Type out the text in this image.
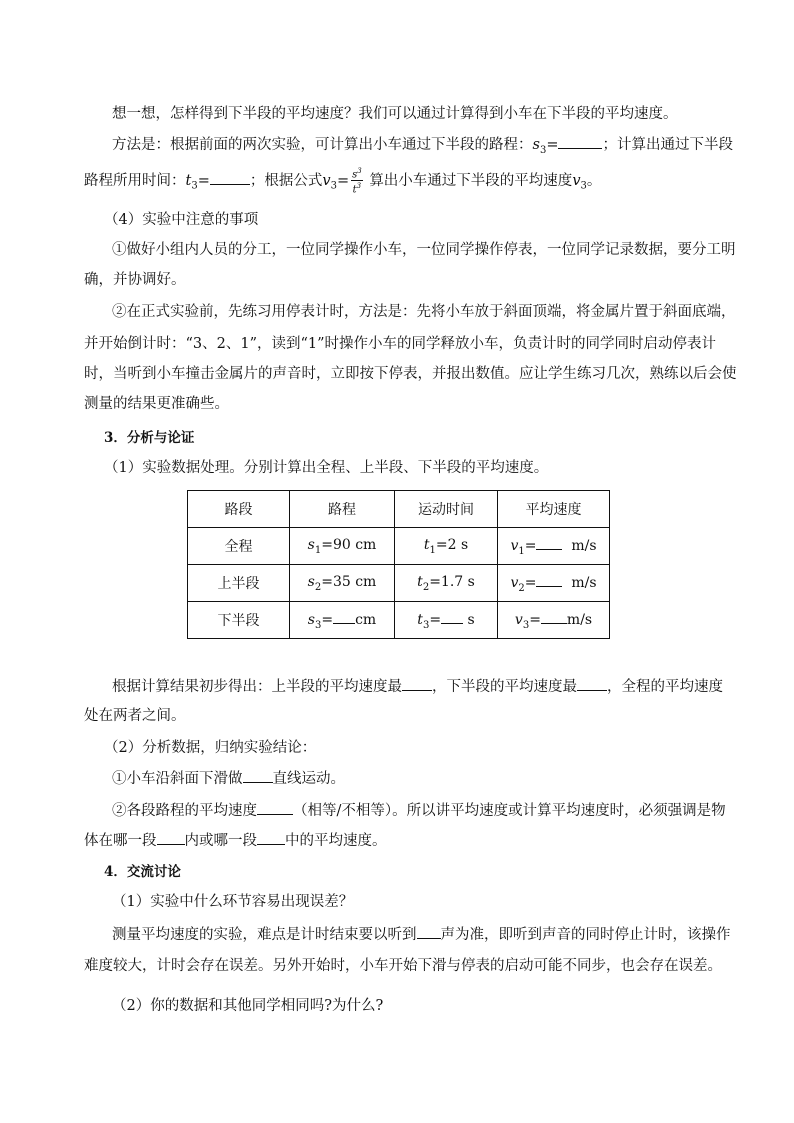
想一想，怎样得到下半段的平均速度？我们可以通过计算得到小车在下半段的平均速度。
方法是：根据前面的两次实验，可计算出小车通过下半段的路程：$s_3=$	；计算出通过下半段
路程所用时间：$t_3=$	；根据公式$v_3= \frac{s^3}{t^3}$ 算出小车通过下半段的平均速度$v_3$。
（4）实验中注意的事项
①做好小组内人员的分工，一位同学操作小车，一位同学操作停表，一位同学记录数据，要分工明
确，并协调好。
②在正式实验前，先练习用停表计时，方法是：先将小车放于斜面顶端，将金属片置于斜面底端，
并开始倒计时：“3、2、1”，读到“1”时操作小车的同学释放小车，负责计时的同学同时启动停表计
时，当听到小车撞击金属片的声音时，立即按下停表，并报出数值。应让学生练习几次，熟练以后会使
测量的结果更准确些。
3．分析与论证
（1）实验数据处理。分别计算出全程、上半段、下半段的平均速度。
路段	路程	运动时间	平均速度
全程	$s_1=90$ cm	$t_1=2$ s	$v_1= m/s$
上半段	$s_2=35$ cm	$t_2=1.7$ s	$v_2= m/s$
下半段	$s_3=$ cm	$t_3= s$	$v_3= m/s$
根据计算结果初步得出：上半段的平均速度最 ，下半段的平均速度最 ，全程的平均速度
处在两者之间。
（2）分析数据，归纳实验结论：
①小车沿斜面下滑做 直线运动。
②各段路程的平均速度 （相等/不相等）。所以讲平均速度或计算平均速度时，必须强调是物
体在哪一段 内或哪一段 中的平均速度。
4．交流讨论
（1）实验中什么环节容易出现误差？
测量平均速度的实验，难点是计时结束要以听到 声为准，即听到声音的同时停止计时，该操作
难度较大，计时会存在误差。另外开始时，小车开始下滑与停表的启动可能不同步，也会存在误差。
（2）你的数据和其他同学相同吗?为什么?
